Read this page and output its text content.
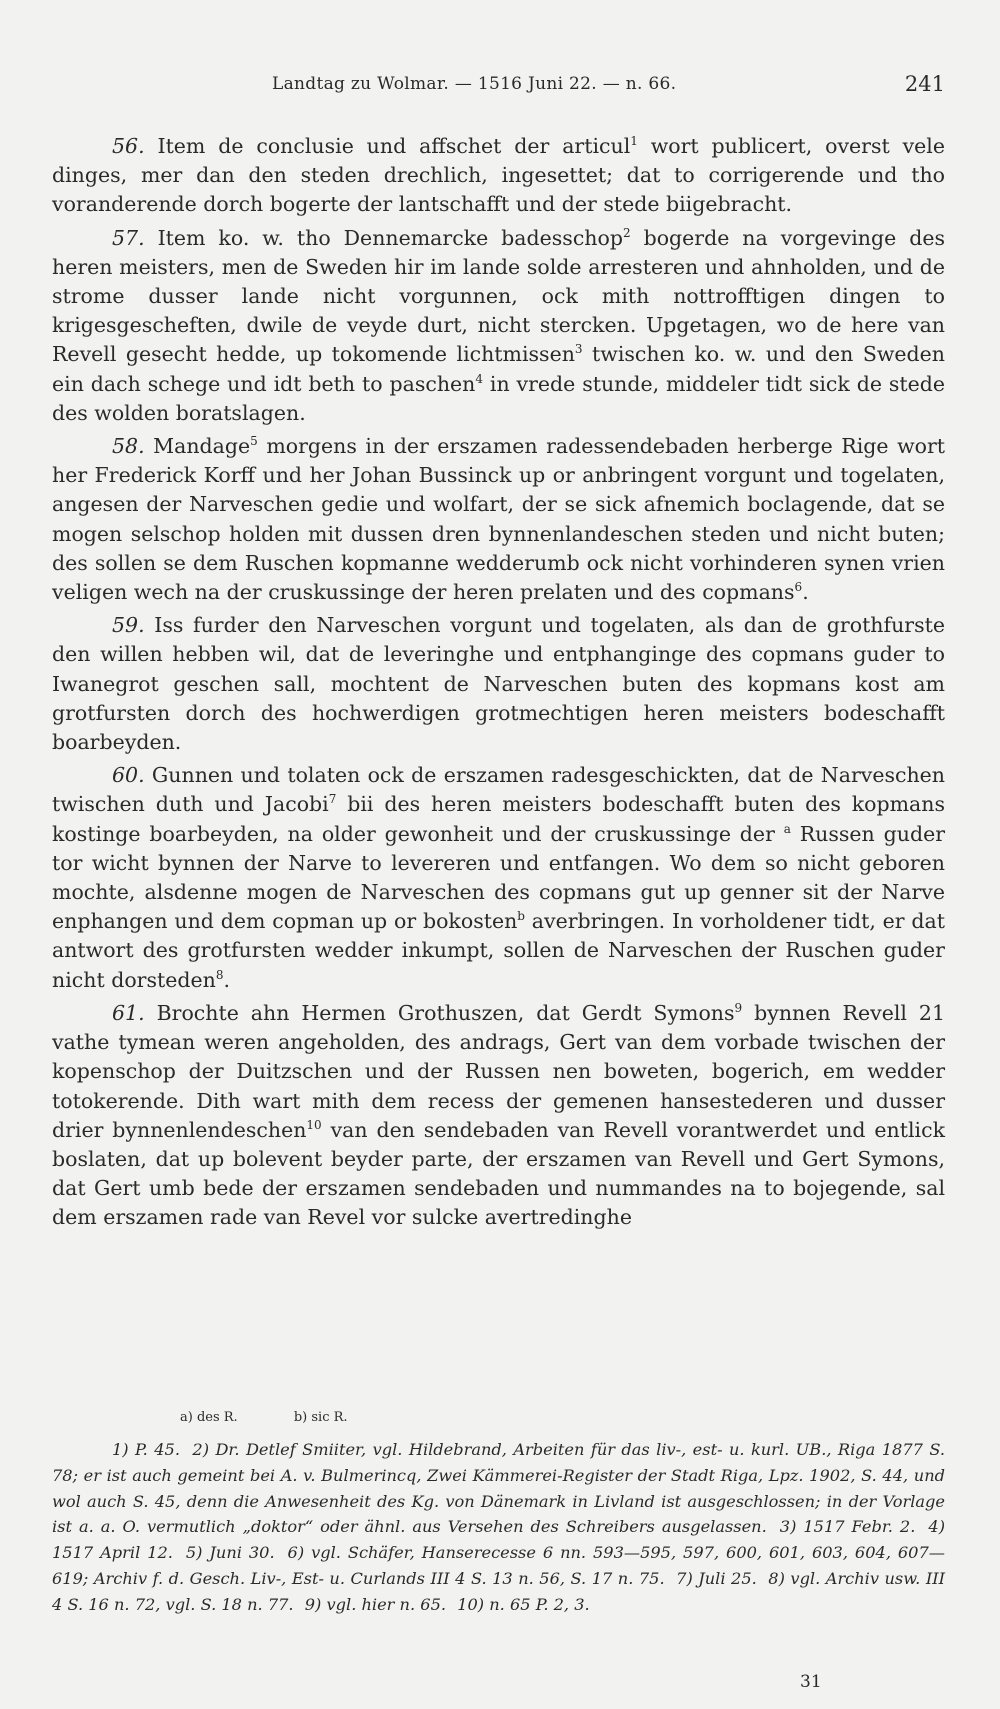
Landtag zu Wolmar. — 1516 Juni 22. — n. 66.	241

56. Item de conclusie und affschet der articul$^1$ wort publicert, overst vele dinges, mer dan den steden drechlich, ingesettet; dat to corrigerende und tho voranderende dorch bogerte der lantschafft und der stede biigebracht.

57. Item ko. w. tho Dennemarcke badesschop$^2$ bogerde na vorgevinge des heren meisters, men de Sweden hir im lande solde arresteren und ahnholden, und de strome dusser lande nicht vorgunnen, ock mith nottrofftigen dingen to krigesgescheften, dwile de veyde durt, nicht stercken. Upgetagen, wo de here van Revell gesecht hedde, up tokomende lichtmissen$^3$ twischen ko. w. und den Sweden ein dach schege und idt beth to paschen$^4$ in vrede stunde, middeler tidt sick de stede des wolden boratslagen.

58. Mandage$^5$ morgens in der erszamen radessendebaden herberge Rige wort her Frederick Korff und her Johan Bussinck up or anbringent vorgunt und togelaten, angesen der Narveschen gedie und wolfart, der se sick afnemich boclagende, dat se mogen selschop holden mit dussen dren bynnenlandeschen steden und nicht buten; des sollen se dem Ruschen kopmanne wedderumb ock nicht vorhinderen synen vrien veligen wech na der cruskussinge der heren prelaten und des copmans$^6$.

59. Iss furder den Narveschen vorgunt und togelaten, als dan de grothfurste den willen hebben wil, dat de leveringhe und entphanginge des copmans guder to Iwanegrot geschen sall, mochtent de Narveschen buten des kopmans kost am grotfursten dorch des hochwerdigen grotmechtigen heren meisters bodeschafft boarbeyden.

60. Gunnen und tolaten ock de erszamen radesgeschickten, dat de Narveschen twischen duth und Jacobi$^7$ bii des heren meisters bodeschafft buten des kopmans kostinge boarbeyden, na older gewonheit und der cruskussinge der $^a$ Russen guder tor wicht bynnen der Narve to levereren und entfangen. Wo dem so nicht geboren mochte, alsdenne mogen de Narveschen des copmans gut up genner sit der Narve enphangen und dem copman up or bokosten$^b$ averbringen. In vorholdener tidt, er dat antwort des grotfursten wedder inkumpt, sollen de Narveschen der Ruschen guder nicht dorsteden$^8$.

61. Brochte ahn Hermen Grothuszen, dat Gerdt Symons$^9$ bynnen Revell 21 vathe tymean weren angeholden, des andrags, Gert van dem vorbade twischen der kopenschop der Duitzschen und der Russen nen boweten, bogerich, em wedder totokerende. Dith wart mith dem recess der gemenen hansestederen und dusser drier bynnenlendeschen$^{10}$ van den sendebaden van Revell vorantwerdet und entlick boslaten, dat up bolevent beyder parte, der erszamen van Revell und Gert Symons, dat Gert umb bede der erszamen sendebaden und nummandes na to bojegende, sal dem erszamen rade van Revel vor sulcke avertredinghe

a) des R.	b) sic R.

1) P. 45. 2) Dr. Detlef Smiiter, vgl. Hildebrand, Arbeiten für das liv-, est- u. kurl. UB., Riga 1877 S. 78; er ist auch gemeint bei A. v. Bulmerincq, Zwei Kämmerei-Register der Stadt Riga, Lpz. 1902, S. 44, und wol auch S. 45, denn die Anwesenheit des Kg. von Dänemark in Livland ist ausgeschlossen; in der Vorlage ist a. a. O. vermutlich „doktor“ oder ähnl. aus Versehen des Schreibers ausgelassen. 3) 1517 Febr. 2. 4) 1517 April 12. 5) Juni 30. 6) vgl. Schäfer, Hanserecesse 6 nn. 593—595, 597, 600, 601, 603, 604, 607—619; Archiv f. d. Gesch. Liv-, Est- u. Curlands III 4 S. 13 n. 56, S. 17 n. 75. 7) Juli 25. 8) vgl. Archiv usw. III 4 S. 16 n. 72, vgl. S. 18 n. 77. 9) vgl. hier n. 65. 10) n. 65 P. 2, 3.

31
